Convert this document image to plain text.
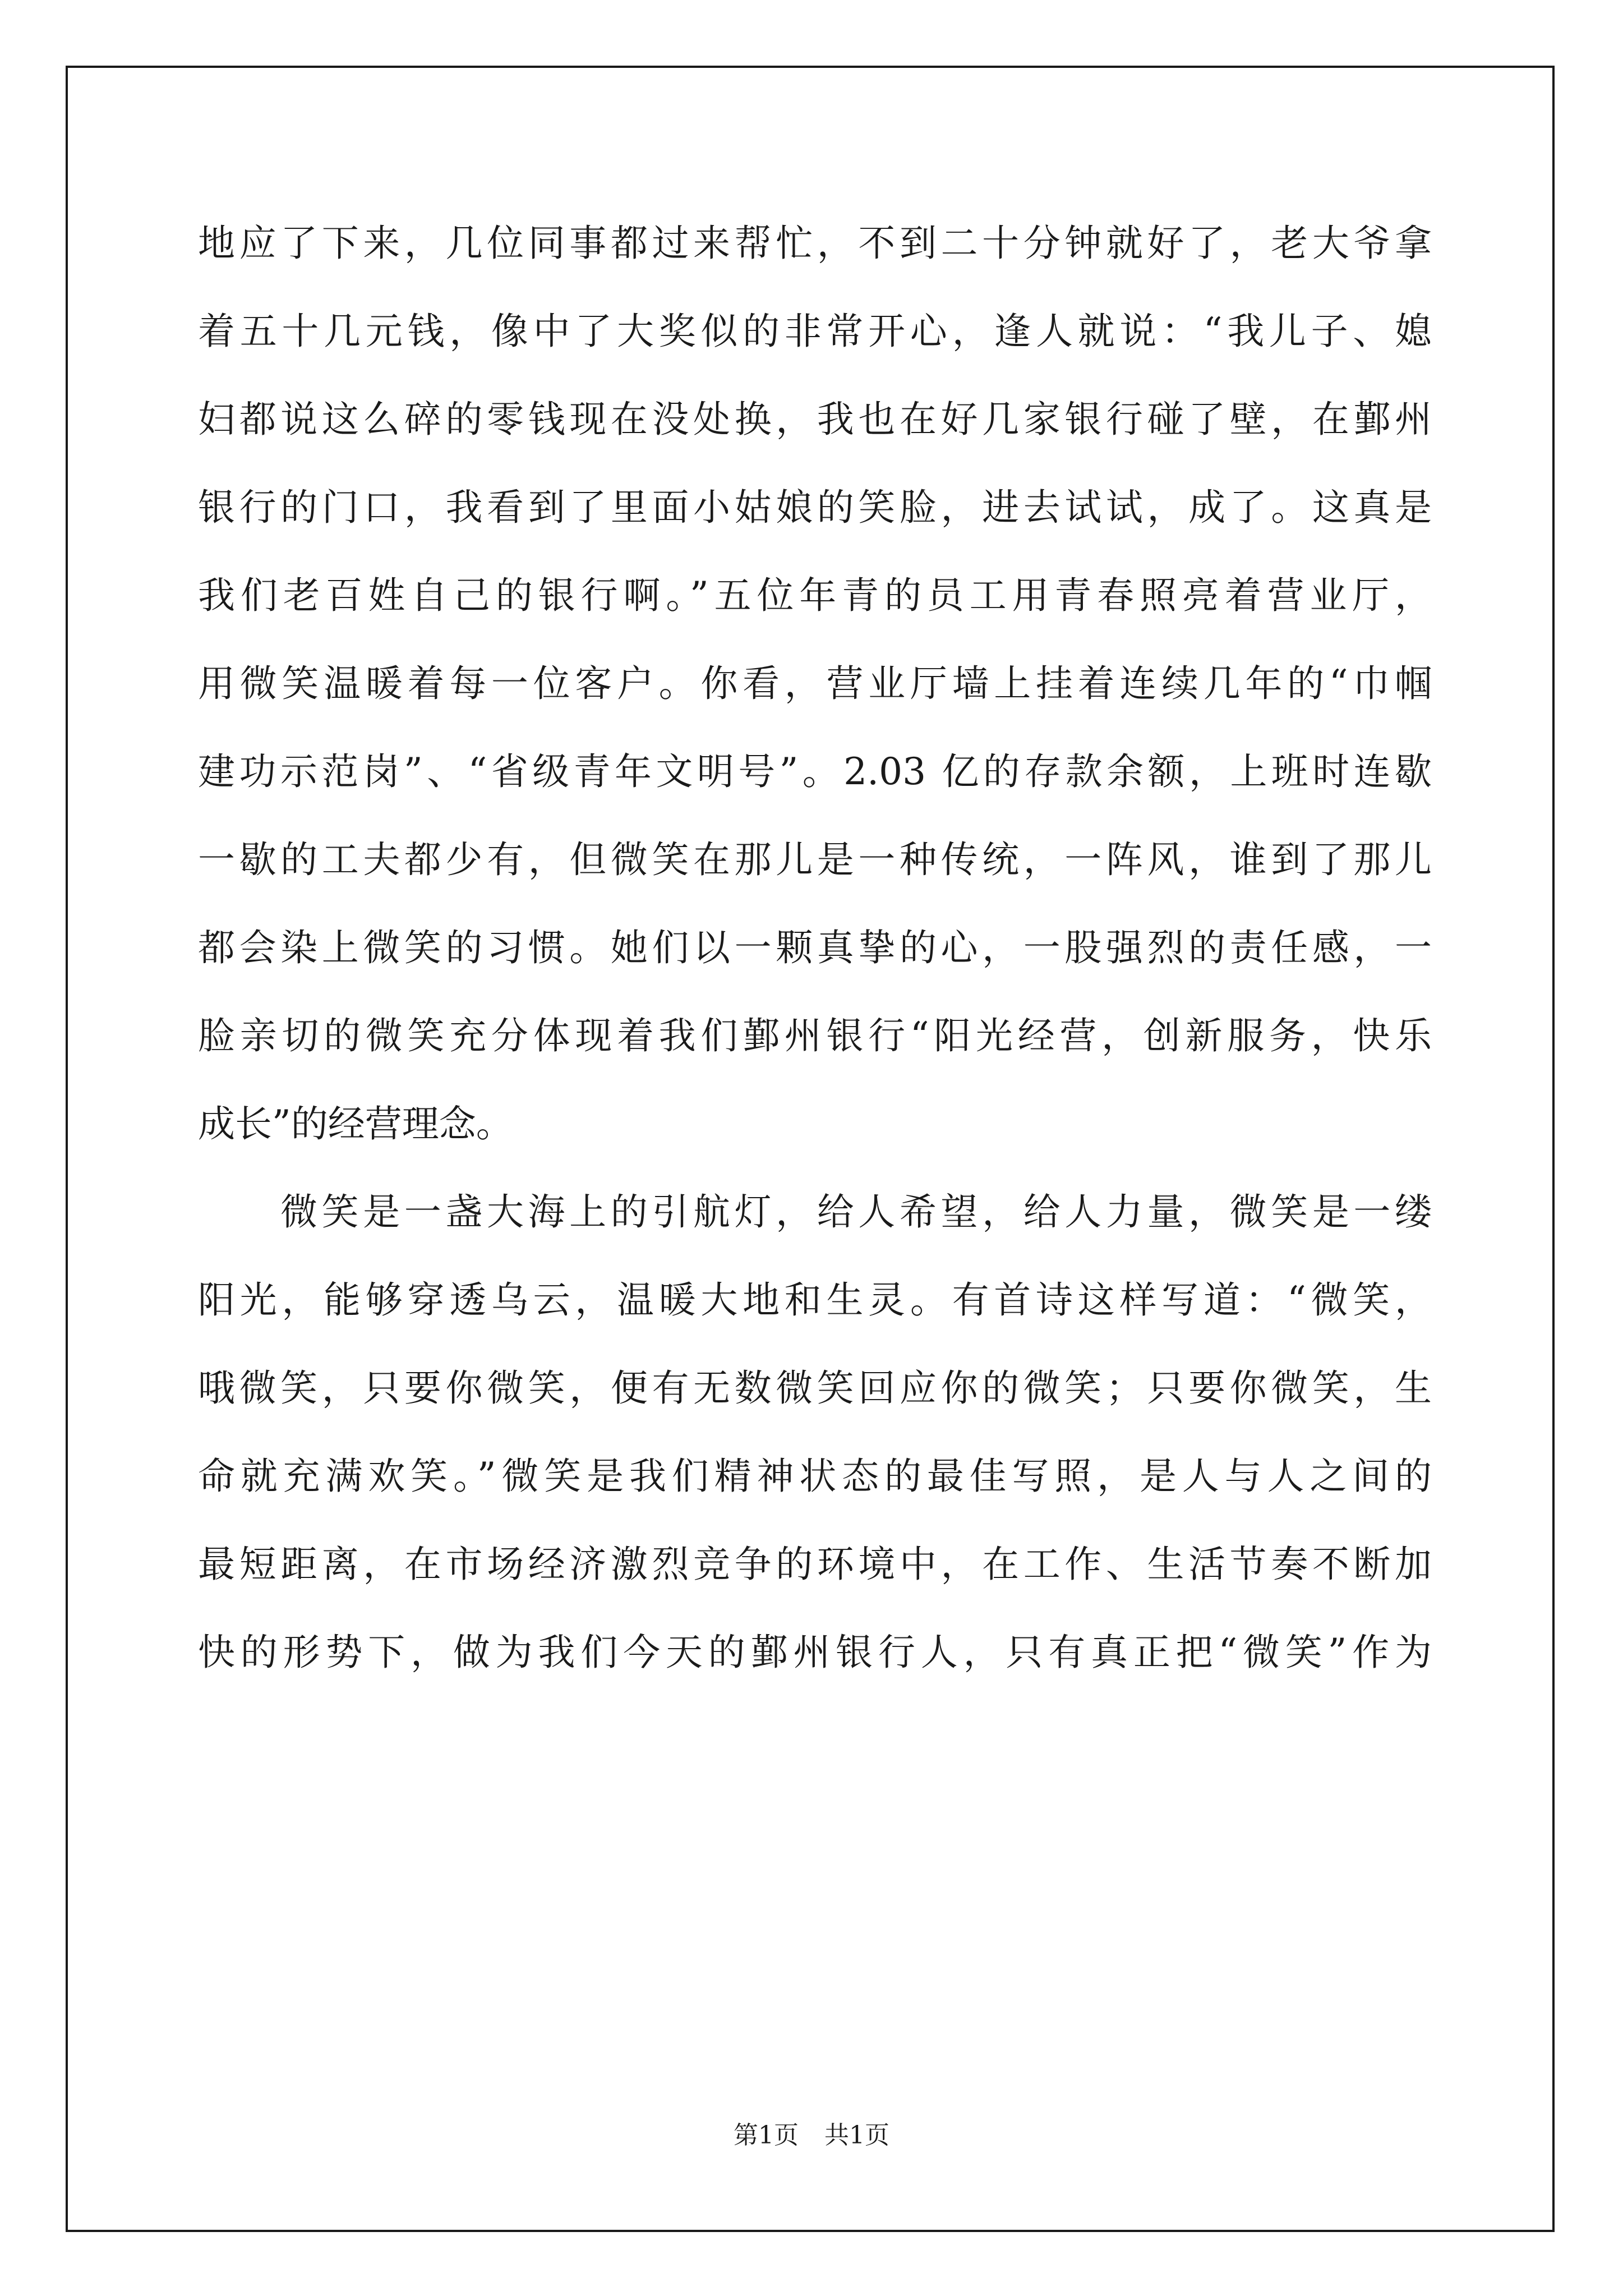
地应了下来，几位同事都过来帮忙，不到二十分钟就好了，老大爷拿
着五十几元钱，像中了大奖似的非常开心，逢人就说：“我儿子、媳
妇都说这么碎的零钱现在没处换，我也在好几家银行碰了壁，在鄞州
银行的门口，我看到了里面小姑娘的笑脸，进去试试，成了。这真是
我们老百姓自己的银行啊。”五位年青的员工用青春照亮着营业厅，
用微笑温暖着每一位客户。你看，营业厅墙上挂着连续几年的“巾帼
建功示范岗”、“省级青年文明号”。2.03 亿的存款余额，上班时连歇
一歇的工夫都少有，但微笑在那儿是一种传统，一阵风，谁到了那儿
都会染上微笑的习惯。她们以一颗真挚的心，一股强烈的责任感，一
脸亲切的微笑充分体现着我们鄞州银行“阳光经营，创新服务，快乐
成长”的经营理念。
微笑是一盏大海上的引航灯，给人希望，给人力量，微笑是一缕
阳光，能够穿透乌云，温暖大地和生灵。有首诗这样写道：“微笑，
哦微笑，只要你微笑，便有无数微笑回应你的微笑；只要你微笑，生
命就充满欢笑。”微笑是我们精神状态的最佳写照，是人与人之间的
最短距离，在市场经济激烈竞争的环境中，在工作、生活节奏不断加
快的形势下，做为我们今天的鄞州银行人，只有真正把“微笑”作为
第1页 共1页
